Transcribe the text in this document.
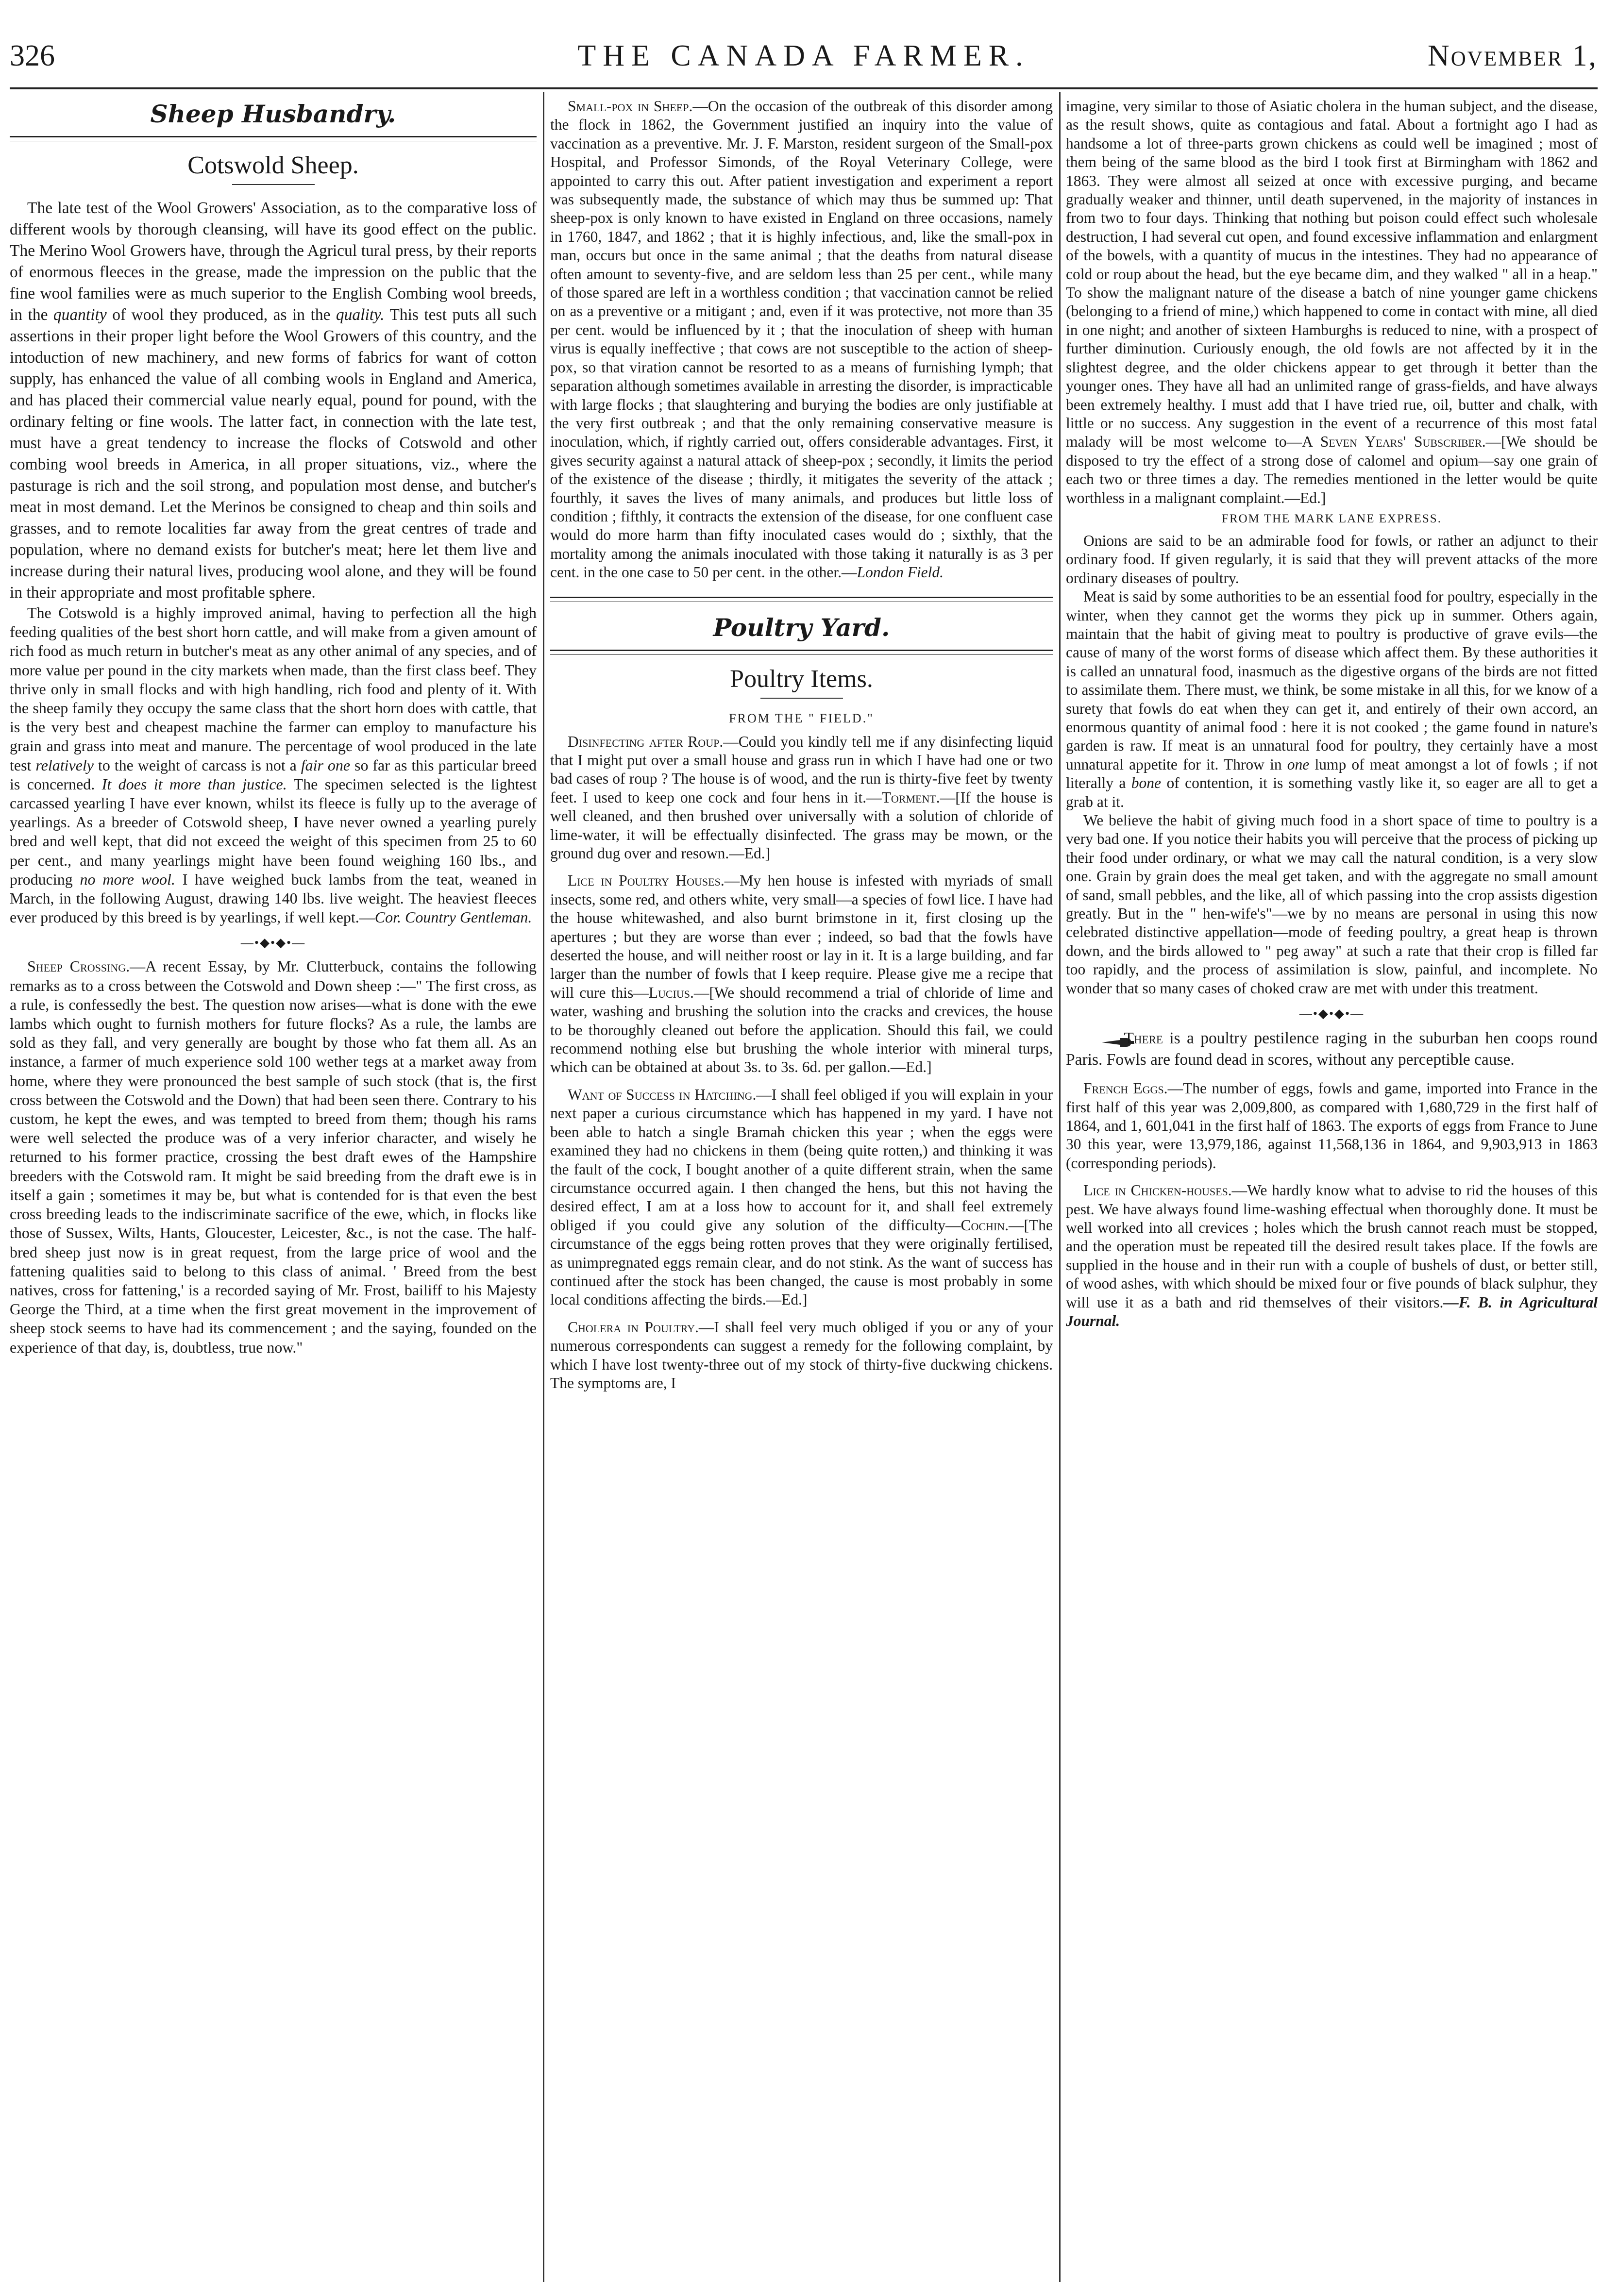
326	THE CANADA FARMER.	November 1,
Sheep Husbandry.
Cotswold Sheep.

The late test of the Wool Growers' Association, as to the comparative loss of different wools by thorough cleansing, will have its good effect on the public. The Merino Wool Growers have, through the Agricul tural press, by their reports of enormous fleeces in the grease, made the impression on the public that the fine wool families were as much superior to the English Combing wool breeds, in the quantity of wool they produced, as in the quality. This test puts all such assertions in their proper light before the Wool Growers of this country, and the intoduction of new machinery, and new forms of fabrics for want of cotton supply, has enhanced the value of all combing wools in England and America, and has placed their commercial value nearly equal, pound for pound, with the ordinary felting or fine wools. The latter fact, in connection with the late test, must have a great tendency to increase the flocks of Cotswold and other combing wool breeds in America, in all proper situations, viz., where the pasturage is rich and the soil strong, and population most dense, and butcher's meat in most demand. Let the Merinos be consigned to cheap and thin soils and grasses, and to remote localities far away from the great centres of trade and population, where no demand exists for butcher's meat; here let them live and increase during their natural lives, producing wool alone, and they will be found in their appropriate and most profitable sphere.

The Cotswold is a highly improved animal, having to perfection all the high feeding qualities of the best short horn cattle, and will make from a given amount of rich food as much return in butcher's meat as any other animal of any species, and of more value per pound in the city markets when made, than the first class beef. They thrive only in small flocks and with high handling, rich food and plenty of it. With the sheep family they occupy the same class that the short horn does with cattle, that is the very best and cheapest machine the farmer can employ to manufacture his grain and grass into meat and manure. The percentage of wool produced in the late test relatively to the weight of carcass is not a fair one so far as this particular breed is concerned. It does it more than justice. The specimen selected is the lightest carcassed yearling I have ever known, whilst its fleece is fully up to the average of yearlings. As a breeder of Cotswold sheep, I have never owned a yearling purely bred and well kept, that did not exceed the weight of this specimen from 25 to 60 per cent., and many yearlings might have been found weighing 160 lbs., and producing no more wool. I have weighed buck lambs from the teat, weaned in March, in the following August, drawing 140 lbs. live weight. The heaviest fleeces ever produced by this breed is by yearlings, if well kept.—Cor. Country Gentleman.

—•◆•◆•—

Sheep Crossing.—A recent Essay, by Mr. Clutterbuck, contains the following remarks as to a cross between the Cotswold and Down sheep :—" The first cross, as a rule, is confessedly the best. The question now arises—what is done with the ewe lambs which ought to furnish mothers for future flocks? As a rule, the lambs are sold as they fall, and very generally are bought by those who fat them all. As an instance, a farmer of much experience sold 100 wether tegs at a market away from home, where they were pronounced the best sample of such stock (that is, the first cross between the Cotswold and the Down) that had been seen there. Contrary to his custom, he kept the ewes, and was tempted to breed from them; though his rams were well selected the produce was of a very inferior character, and wisely he returned to his former practice, crossing the best draft ewes of the Hampshire breeders with the Cotswold ram. It might be said breeding from the draft ewe is in itself a gain ; sometimes it may be, but what is contended for is that even the best cross breeding leads to the indiscriminate sacrifice of the ewe, which, in flocks like those of Sussex, Wilts, Hants, Gloucester, Leicester, &c., is not the case. The half-bred sheep just now is in great request, from the large price of wool and the fattening qualities said to belong to this class of animal. ' Breed from the best natives, cross for fattening,' is a recorded saying of Mr. Frost, bailiff to his Majesty George the Third, at a time when the first great movement in the improvement of sheep stock seems to have had its commencement ; and the saying, founded on the experience of that day, is, doubtless, true now."

Small-pox in Sheep.—On the occasion of the outbreak of this disorder among the flock in 1862, the Government justified an inquiry into the value of vaccination as a preventive. Mr. J. F. Marston, resident surgeon of the Small-pox Hospital, and Professor Simonds, of the Royal Veterinary College, were appointed to carry this out. After patient investigation and experiment a report was subsequently made, the substance of which may thus be summed up: That sheep-pox is only known to have existed in England on three occasions, namely in 1760, 1847, and 1862 ; that it is highly infectious, and, like the small-pox in man, occurs but once in the same animal ; that the deaths from natural disease often amount to seventy-five, and are seldom less than 25 per cent., while many of those spared are left in a worthless condition ; that vaccination cannot be relied on as a preventive or a mitigant ; and, even if it was protective, not more than 35 per cent. would be influenced by it ; that the inoculation of sheep with human virus is equally ineffective ; that cows are not susceptible to the action of sheep-pox, so that viration cannot be resorted to as a means of furnishing lymph; that separation although sometimes available in arresting the disorder, is impracticable with large flocks ; that slaughtering and burying the bodies are only justifiable at the very first outbreak ; and that the only remaining conservative measure is inoculation, which, if rightly carried out, offers considerable advantages. First, it gives security against a natural attack of sheep-pox ; secondly, it limits the period of the existence of the disease ; thirdly, it mitigates the severity of the attack ; fourthly, it saves the lives of many animals, and produces but little loss of condition ; fifthly, it contracts the extension of the disease, for one confluent case would do more harm than fifty inoculated cases would do ; sixthly, that the mortality among the animals inoculated with those taking it naturally is as 3 per cent. in the one case to 50 per cent. in the other.—London Field.

Poultry Yard.
Poultry Items.
FROM THE " FIELD."

Disinfecting after Roup.—Could you kindly tell me if any disinfecting liquid that I might put over a small house and grass run in which I have had one or two bad cases of roup ? The house is of wood, and the run is thirty-five feet by twenty feet. I used to keep one cock and four hens in it.—Torment.—[If the house is well cleaned, and then brushed over universally with a solution of chloride of lime-water, it will be effectually disinfected. The grass may be mown, or the ground dug over and resown.—Ed.]

Lice in Poultry Houses.—My hen house is infested with myriads of small insects, some red, and others white, very small—a species of fowl lice. I have had the house whitewashed, and also burnt brimstone in it, first closing up the apertures ; but they are worse than ever ; indeed, so bad that the fowls have deserted the house, and will neither roost or lay in it. It is a large building, and far larger than the number of fowls that I keep require. Please give me a recipe that will cure this—Lucius.—[We should recommend a trial of chloride of lime and water, washing and brushing the solution into the cracks and crevices, the house to be thoroughly cleaned out before the application. Should this fail, we could recommend nothing else but brushing the whole interior with mineral turps, which can be obtained at about 3s. to 3s. 6d. per gallon.—Ed.]

Want of Success in Hatching.—I shall feel obliged if you will explain in your next paper a curious circumstance which has happened in my yard. I have not been able to hatch a single Bramah chicken this year ; when the eggs were examined they had no chickens in them (being quite rotten,) and thinking it was the fault of the cock, I bought another of a quite different strain, when the same circumstance occurred again. I then changed the hens, but this not having the desired effect, I am at a loss how to account for it, and shall feel extremely obliged if you could give any solution of the difficulty—Cochin.—[The circumstance of the eggs being rotten proves that they were originally fertilised, as unimpregnated eggs remain clear, and do not stink. As the want of success has continued after the stock has been changed, the cause is most probably in some local conditions affecting the birds.—Ed.]

Cholera in Poultry.—I shall feel very much obliged if you or any of your numerous correspondents can suggest a remedy for the following complaint, by which I have lost twenty-three out of my stock of thirty-five duckwing chickens. The symptoms are, I

imagine, very similar to those of Asiatic cholera in the human subject, and the disease, as the result shows, quite as contagious and fatal. About a fortnight ago I had as handsome a lot of three-parts grown chickens as could well be imagined ; most of them being of the same blood as the bird I took first at Birmingham with 1862 and 1863. They were almost all seized at once with excessive purging, and became gradually weaker and thinner, until death supervened, in the majority of instances in from two to four days. Thinking that nothing but poison could effect such wholesale destruction, I had several cut open, and found excessive inflammation and enlargment of the bowels, with a quantity of mucus in the intestines. They had no appearance of cold or roup about the head, but the eye became dim, and they walked " all in a heap." To show the malignant nature of the disease a batch of nine younger game chickens (belonging to a friend of mine,) which happened to come in contact with mine, all died in one night; and another of sixteen Hamburghs is reduced to nine, with a prospect of further diminution. Curiously enough, the old fowls are not affected by it in the slightest degree, and the older chickens appear to get through it better than the younger ones. They have all had an unlimited range of grass-fields, and have always been extremely healthy. I must add that I have tried rue, oil, butter and chalk, with little or no success. Any suggestion in the event of a recurrence of this most fatal malady will be most welcome to—A Seven Years' Subscriber.—[We should be disposed to try the effect of a strong dose of calomel and opium—say one grain of each two or three times a day. The remedies mentioned in the letter would be quite worthless in a malignant complaint.—Ed.]

FROM THE MARK LANE EXPRESS.

Onions are said to be an admirable food for fowls, or rather an adjunct to their ordinary food. If given regularly, it is said that they will prevent attacks of the more ordinary diseases of poultry.

Meat is said by some authorities to be an essential food for poultry, especially in the winter, when they cannot get the worms they pick up in summer. Others again, maintain that the habit of giving meat to poultry is productive of grave evils—the cause of many of the worst forms of disease which affect them. By these authorities it is called an unnatural food, inasmuch as the digestive organs of the birds are not fitted to assimilate them. There must, we think, be some mistake in all this, for we know of a surety that fowls do eat when they can get it, and entirely of their own accord, an enormous quantity of animal food : here it is not cooked ; the game found in nature's garden is raw. If meat is an unnatural food for poultry, they certainly have a most unnatural appetite for it. Throw in one lump of meat amongst a lot of fowls ; if not literally a bone of contention, it is something vastly like it, so eager are all to get a grab at it.

We believe the habit of giving much food in a short space of time to poultry is a very bad one. If you notice their habits you will perceive that the process of picking up their food under ordinary, or what we may call the natural condition, is a very slow one. Grain by grain does the meal get taken, and with the aggregate no small amount of sand, small pebbles, and the like, all of which passing into the crop assists digestion greatly. But in the " hen-wife's"—we by no means are personal in using this now celebrated distinctive appellation—mode of feeding poultry, a great heap is thrown down, and the birds allowed to " peg away" at such a rate that their crop is filled far too rapidly, and the process of assimilation is slow, painful, and incomplete. No wonder that so many cases of choked craw are met with under this treatment.

—•◆•◆•—

There is a poultry pestilence raging in the suburban hen coops round Paris. Fowls are found dead in scores, without any perceptible cause.

French Eggs.—The number of eggs, fowls and game, imported into France in the first half of this year was 2,009,800, as compared with 1,680,729 in the first half of 1864, and 1, 601,041 in the first half of 1863. The exports of eggs from France to June 30 this year, were 13,979,186, against 11,568,136 in 1864, and 9,903,913 in 1863 (corresponding periods).

Lice in Chicken-houses.—We hardly know what to advise to rid the houses of this pest. We have always found lime-washing effectual when thoroughly done. It must be well worked into all crevices ; holes which the brush cannot reach must be stopped, and the operation must be repeated till the desired result takes place. If the fowls are supplied in the house and in their run with a couple of bushels of dust, or better still, of wood ashes, with which should be mixed four or five pounds of black sulphur, they will use it as a bath and rid themselves of their visitors.—F. B. in Agricultural Journal.
